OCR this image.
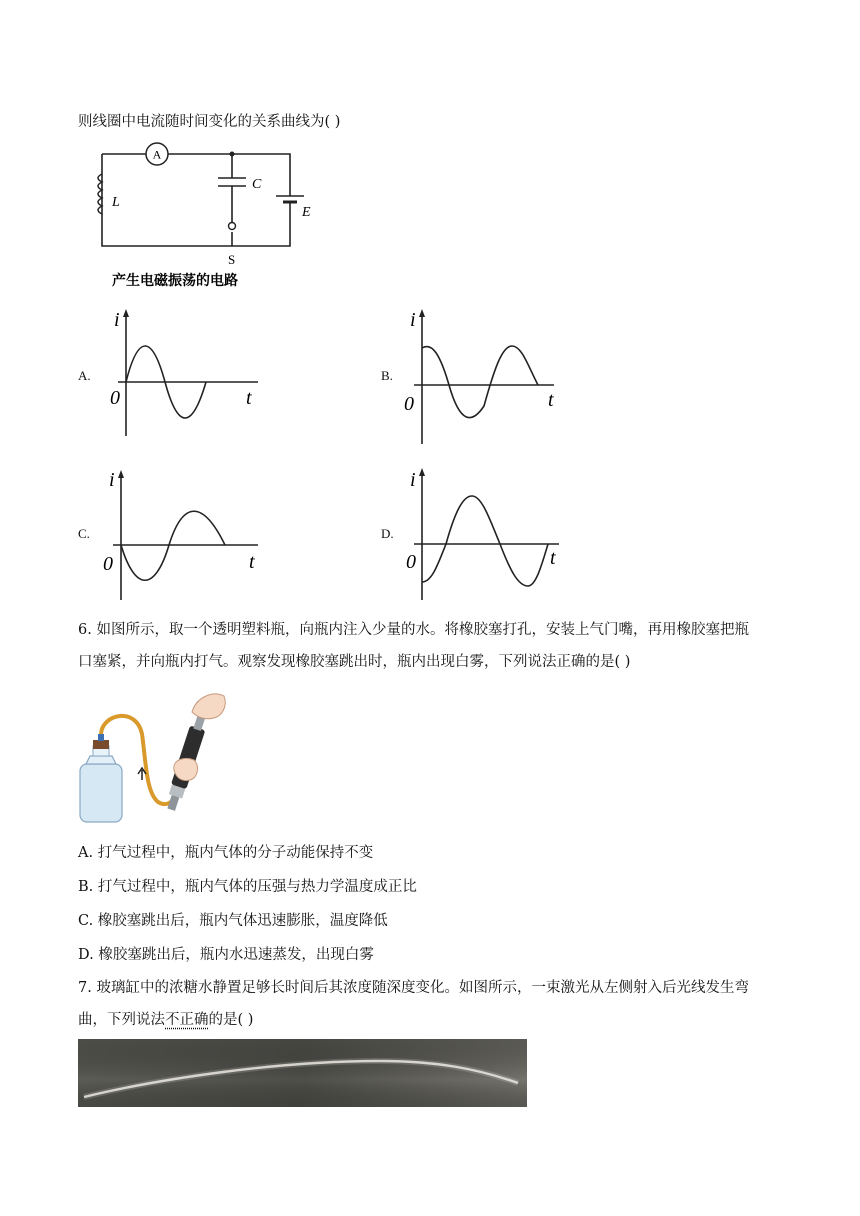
则线圈中电流随时间变化的关系曲线为( )
A
L
C
E
S
产生电磁振荡的电路
A.
i
t
0
B.
i
t
0
C.
i
t
0
D.
i
t
0
6. 如图所示，取一个透明塑料瓶，向瓶内注入少量的水。将橡胶塞打孔，安装上气门嘴，再用橡胶塞把瓶
口塞紧，并向瓶内打气。观察发现橡胶塞跳出时，瓶内出现白雾，下列说法正确的是( )
A. 打气过程中，瓶内气体的分子动能保持不变
B. 打气过程中，瓶内气体的压强与热力学温度成正比
C. 橡胶塞跳出后，瓶内气体迅速膨胀，温度降低
D. 橡胶塞跳出后，瓶内水迅速蒸发，出现白雾
7. 玻璃缸中的浓糖水静置足够长时间后其浓度随深度变化。如图所示，一束激光从左侧射入后光线发生弯
曲，下列说法不正确的是( )
